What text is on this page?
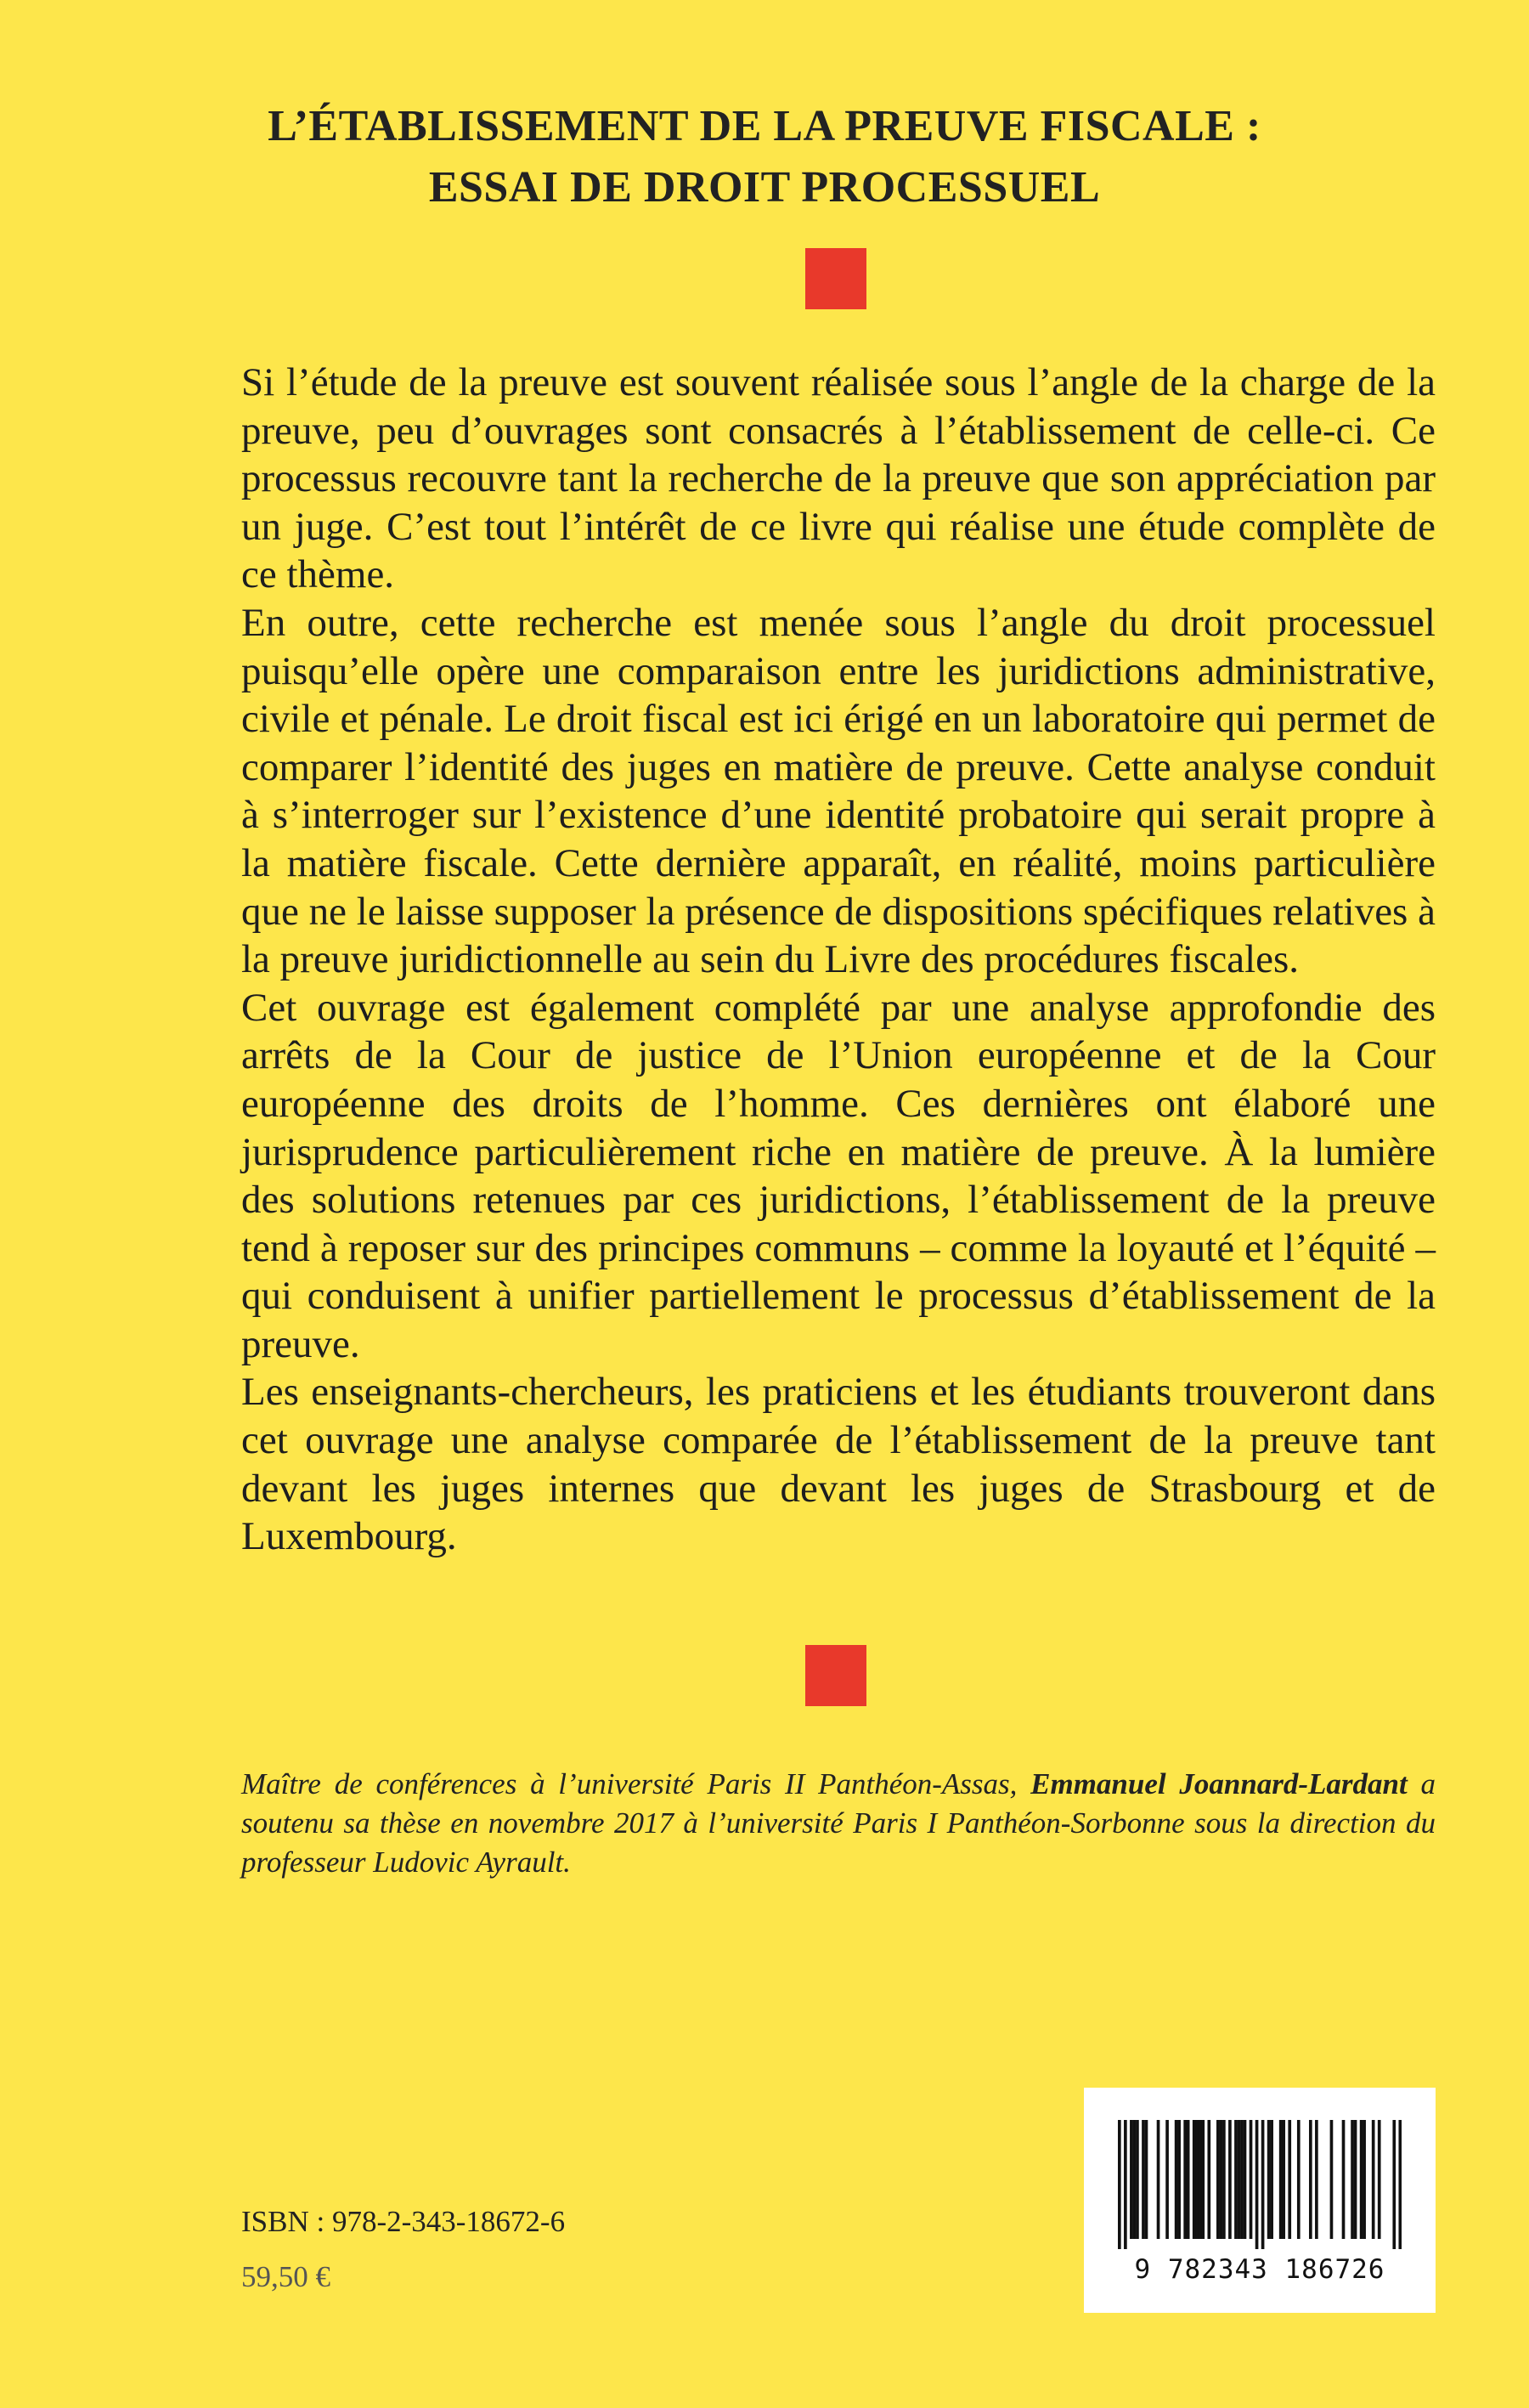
L’ÉTABLISSEMENT DE LA PREUVE FISCALE :
ESSAI DE DROIT PROCESSUEL

Si l’étude de la preuve est souvent réalisée sous l’angle de la charge de la preuve, peu d’ouvrages sont consacrés à l’établissement de celle-ci. Ce processus recouvre tant la recherche de la preuve que son appréciation par un juge. C’est tout l’intérêt de ce livre qui réalise une étude complète de ce thème.

En outre, cette recherche est menée sous l’angle du droit processuel puisqu’elle opère une comparaison entre les juridictions administrative, civile et pénale. Le droit fiscal est ici érigé en un laboratoire qui permet de comparer l’identité des juges en matière de preuve. Cette analyse conduit à s’interroger sur l’existence d’une identité probatoire qui serait propre à la matière fiscale. Cette dernière apparaît, en réalité, moins particulière que ne le laisse supposer la présence de dispositions spécifiques relatives à la preuve juridictionnelle au sein du Livre des procédures fiscales.

Cet ouvrage est également complété par une analyse approfondie des arrêts de la Cour de justice de l’Union européenne et de la Cour européenne des droits de l’homme. Ces dernières ont élaboré une jurisprudence particulièrement riche en matière de preuve. À la lumière des solutions retenues par ces juridictions, l’établissement de la preuve tend à reposer sur des principes communs – comme la loyauté et l’équité – qui conduisent à unifier partiellement le processus d’établissement de la preuve.

Les enseignants-chercheurs, les praticiens et les étudiants trouveront dans cet ouvrage une analyse comparée de l’établissement de la preuve tant devant les juges internes que devant les juges de Strasbourg et de Luxembourg.

Maître de conférences à l’université Paris II Panthéon-Assas, Emmanuel Joannard-Lardant a soutenu sa thèse en novembre 2017 à l’université Paris I Panthéon-Sorbonne sous la direction du professeur Ludovic Ayrault.
ISBN : 978-2-343-18672-6
59,50 €	9 782343 186726
